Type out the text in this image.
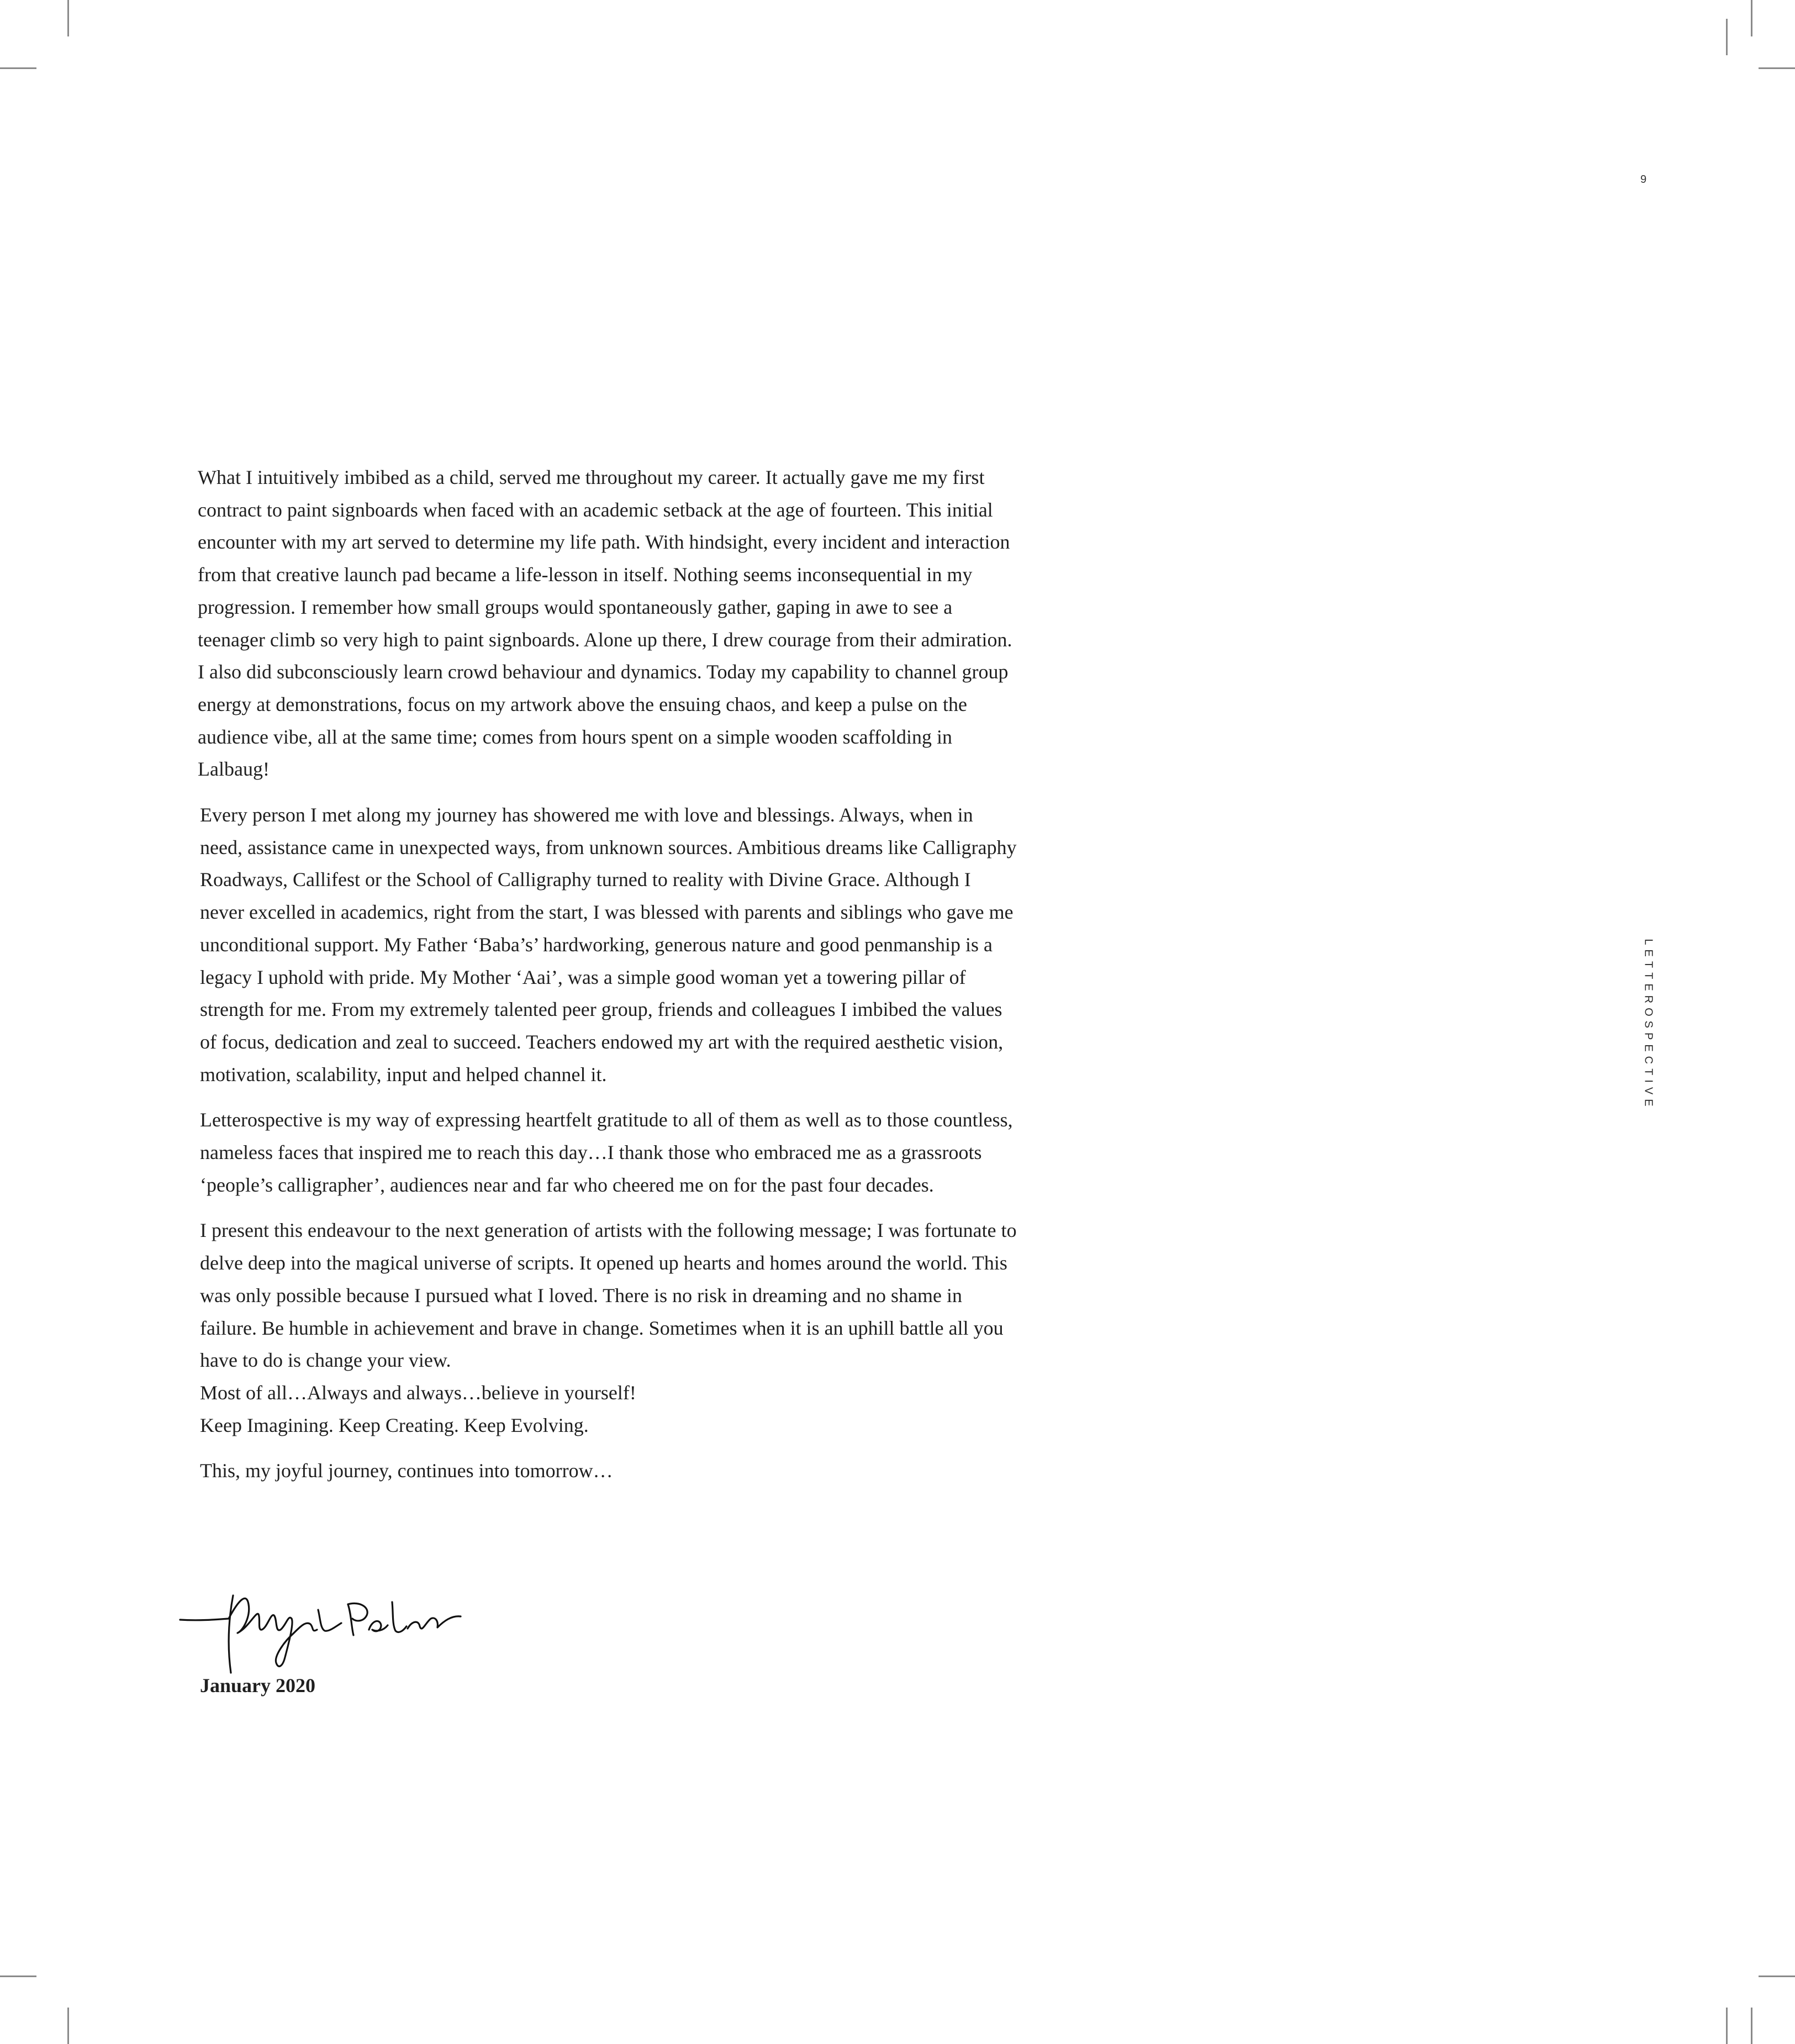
9
LETTEROSPECTIVE

What I intuitively imbibed as a child, served me throughout my career. It actually gave me my first contract to paint signboards when faced with an academic setback at the age of fourteen. This initial encounter with my art served to determine my life path. With hindsight, every incident and interaction from that creative launch pad became a life-lesson in itself. Nothing seems inconsequential in my progression. I remember how small groups would spontaneously gather, gaping in awe to see a teenager climb so very high to paint signboards. Alone up there, I drew courage from their admiration. I also did subconsciously learn crowd behaviour and dynamics. Today my capability to channel group energy at demonstrations, focus on my artwork above the ensuing chaos, and keep a pulse on the audience vibe, all at the same time; comes from hours spent on a simple wooden scaffolding in Lalbaug!

Every person I met along my journey has showered me with love and blessings. Always, when in need, assistance came in unexpected ways, from unknown sources. Ambitious dreams like Calligraphy Roadways, Callifest or the School of Calligraphy turned to reality with Divine Grace. Although I never excelled in academics, right from the start, I was blessed with parents and siblings who gave me unconditional support. My Father ‘Baba’s’ hardworking, generous nature and good penmanship is a legacy I uphold with pride. My Mother ‘Aai’, was a simple good woman yet a towering pillar of strength for me. From my extremely talented peer group, friends and colleagues I imbibed the values of focus, dedication and zeal to succeed. Teachers endowed my art with the required aesthetic vision, motivation, scalability, input and helped channel it.

Letterospective is my way of expressing heartfelt gratitude to all of them as well as to those countless, nameless faces that inspired me to reach this day…I thank those who embraced me as a grassroots ‘people’s calligrapher’, audiences near and far who cheered me on for the past four decades.

I present this endeavour to the next generation of artists with the following message; I was fortunate to delve deep into the magical universe of scripts. It opened up hearts and homes around the world. This was only possible because I pursued what I loved. There is no risk in dreaming and no shame in failure. Be humble in achievement and brave in change. Sometimes when it is an uphill battle all you have to do is change your view.
Most of all…Always and always…believe in yourself!
Keep Imagining. Keep Creating. Keep Evolving.

This, my joyful journey, continues into tomorrow…

January 2020
